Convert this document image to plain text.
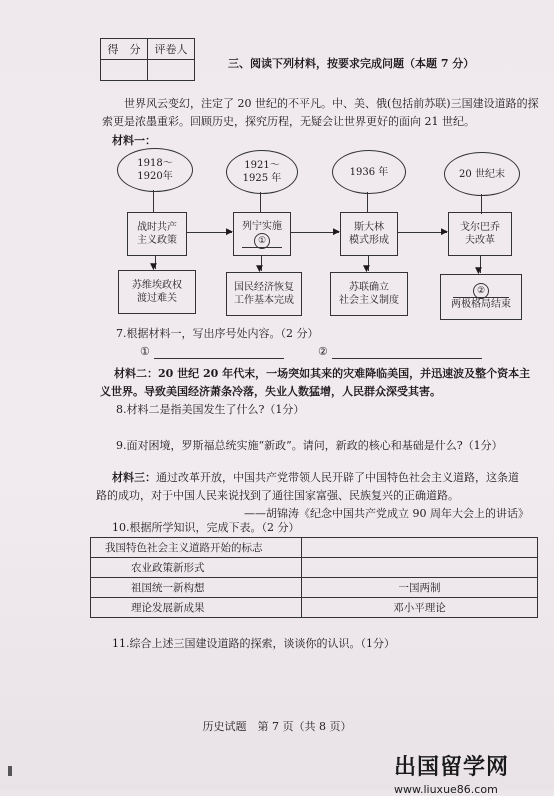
得　分	评卷人

三、阅读下列材料，按要求完成问题（本题 7 分）
世界风云变幻，注定了 20 世纪的不平凡。中、美、俄(包括前苏联)三国建设道路的探
索更是浓墨重彩。回顾历史，探究历程，无疑会让世界更好的面向 21 世纪。
材料一：
1918～
1920年
1921～
1925 年
1936 年	20 世纪末
战时共产
主义政策
列宁实施
①
斯大林
模式形成
戈尔巴乔
夫改革
▶	▶	▶
▼	▼	▼	▼
苏维埃政权
渡过难关
国民经济恢复
工作基本完成
苏联确立
社会主义制度
②
两极格局结束
7.根据材料一，写出序号处内容。（2 分）
①	②
材料二：20 世纪 20 年代末，一场突如其来的灾难降临美国，并迅速波及整个资本主
义世界。导致美国经济萧条冷落，失业人数猛增，人民群众深受其害。
8.材料二是指美国发生了什么?（1分）
9.面对困境，罗斯福总统实施“新政”。请问，新政的核心和基础是什么?（1分）
材料三：通过改革开放，中国共产党带领人民开辟了中国特色社会主义道路，这条道
路的成功，对于中国人民来说找到了通往国家富强、民族复兴的正确道路。
——胡锦涛《纪念中国共产党成立 90 周年大会上的讲话》
10.根据所学知识，完成下表。（2 分）
我国特色社会主义道路开始的标志	
农业政策新形式	
祖国统一新构想	一国两制
理论发展新成果	邓小平理论
11.综合上述三国建设道路的探索，谈谈你的认识。（1分）
历史试题　第 7 页（共 8 页）
出国留学网
www.liuxue86.com
